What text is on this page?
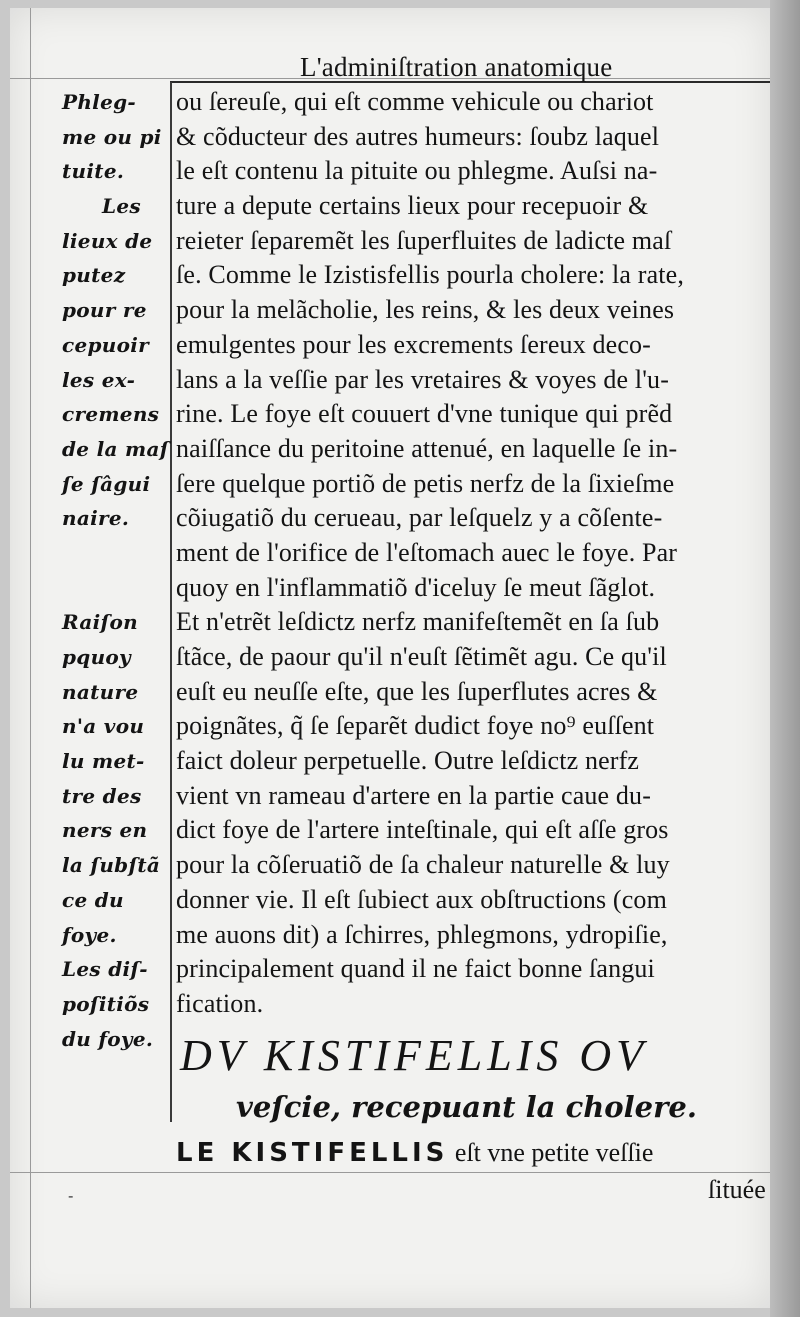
L'adminiſtration anatomique
Phleg-
me ou pi
tuite.
Les
lieux de
putez
pour re
cepuoir
les ex-
cremens
de la maſ
ſe ſâgui
naire.
Raiſon
pquoy
nature
n'a vou
lu met-
tre des
ners en
la ſubſtã
ce du
foye.
Les diſ-
poſitiõs
du foye.
ou ſereuſe, qui eſt comme vehicule ou chariot
& cõducteur des autres humeurs: ſoubz laquel
le eſt contenu la pituite ou phlegme. Auſsi na-
ture a depute certains lieux pour recepuoir &
reieter ſeparemẽt les ſuperfluites de ladicte maſ
ſe. Comme le Izistisfellis pourla cholere: la rate,
pour la melãcholie, les reins, & les deux veines
emulgentes pour les excrements ſereux deco-
lans a la veſſie par les vretaires & voyes de l'u-
rine. Le foye eſt couuert d'vne tunique qui prẽd
naiſſance du peritoine attenué, en laquelle ſe in-
ſere quelque portiõ de petis nerfz de la ſixieſme
cõiugatiõ du cerueau, par leſquelz y a cõſente-
ment de l'orifice de l'eſtomach auec le foye. Par
quoy en l'inflammatiõ d'iceluy ſe meut ſãglot.
Et n'etrẽt leſdictz nerfz manifeſtemẽt en ſa ſub
ſtãce, de paour qu'il n'euſt ſẽtimẽt agu. Ce qu'il
euſt eu neuſſe eſte, que les ſuperflutes acres &
poignãtes, q̃ ſe ſeparẽt dudict foye no⁹ euſſent
faict doleur perpetuelle. Outre leſdictz nerfz
vient vn rameau d'artere en la partie caue du-
dict foye de l'artere inteſtinale, qui eſt aſſe gros
pour la cõſeruatiõ de ſa chaleur naturelle & luy
donner vie. Il eſt ſubiect aux obſtructions (com
me auons dit) a ſchirres, phlegmons, ydropiſie,
principalement quand il ne faict bonne ſangui
fication.
DV KISTIFELLIS OV
veſcie, recepuant la cholere.
LE KISTIFELLIS eſt vne petite veſſie
ſituée
-
